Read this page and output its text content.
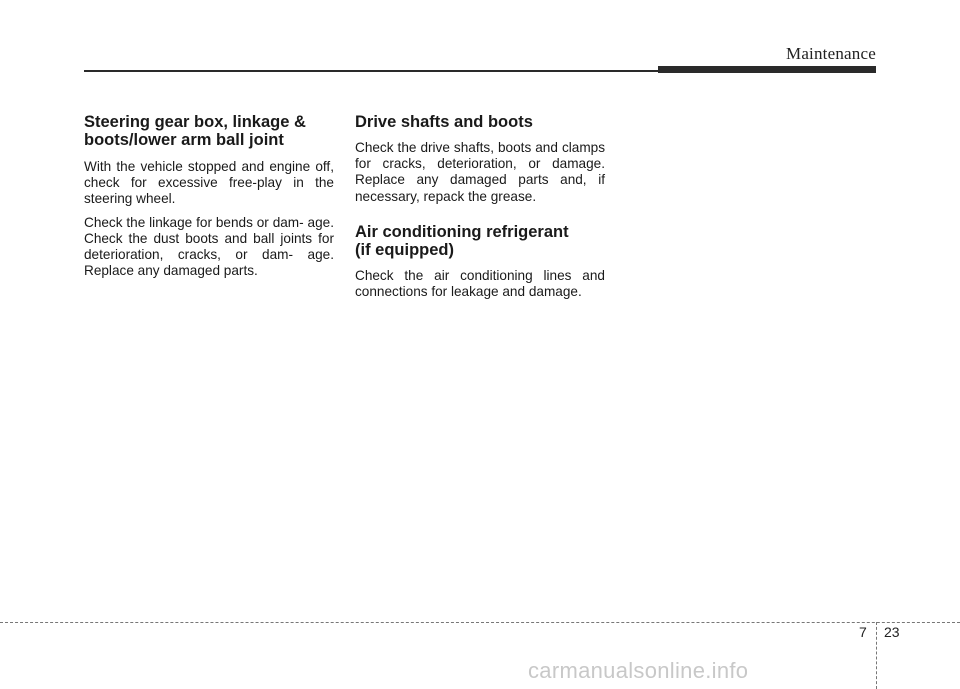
Maintenance
Steering gear box, linkage &
boots/lower arm ball joint

With the vehicle stopped and engine off, check for excessive free-play in the steering wheel.

Check the linkage for bends or dam- age. Check the dust boots and ball joints for deterioration, cracks, or dam- age. Replace any damaged parts.

Drive shafts and boots

Check the drive shafts, boots and clamps for cracks, deterioration, or damage. Replace any damaged parts and, if necessary, repack the grease.

Air conditioning refrigerant
(if equipped)

Check the air conditioning lines and connections for leakage and damage.

7 23
carmanualsonline.info
